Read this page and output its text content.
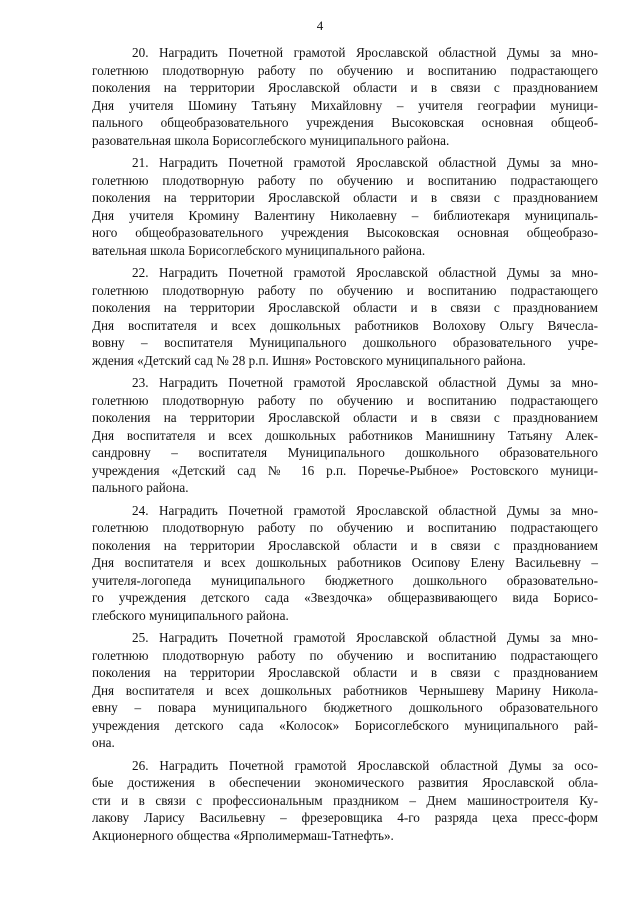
4
20. Наградить Почетной грамотой Ярославской областной Думы за мно-
голетнюю плодотворную работу по обучению и воспитанию подрастающего
поколения на территории Ярославской области и в связи с празднованием
Дня учителя Шомину Татьяну Михайловну – учителя географии муници-
пального общеобразовательного учреждения Высоковская основная общеоб-
разовательная школа Борисоглебского муниципального района.
21. Наградить Почетной грамотой Ярославской областной Думы за мно-
голетнюю плодотворную работу по обучению и воспитанию подрастающего
поколения на территории Ярославской области и в связи с празднованием
Дня учителя Кромину Валентину Николаевну – библиотекаря муниципаль-
ного общеобразовательного учреждения Высоковская основная общеобразо-
вательная школа Борисоглебского муниципального района.
22. Наградить Почетной грамотой Ярославской областной Думы за мно-
голетнюю плодотворную работу по обучению и воспитанию подрастающего
поколения на территории Ярославской области и в связи с празднованием
Дня воспитателя и всех дошкольных работников Волохову Ольгу Вячесла-
вовну – воспитателя Муниципального дошкольного образовательного учре-
ждения «Детский сад № 28 р.п. Ишня» Ростовского муниципального района.
23. Наградить Почетной грамотой Ярославской областной Думы за мно-
голетнюю плодотворную работу по обучению и воспитанию подрастающего
поколения на территории Ярославской области и в связи с празднованием
Дня воспитателя и всех дошкольных работников Манишнину Татьяну Алек-
сандровну – воспитателя Муниципального дошкольного образовательного
учреждения «Детский сад № 16 р.п. Поречье-Рыбное» Ростовского муници-
пального района.
24. Наградить Почетной грамотой Ярославской областной Думы за мно-
голетнюю плодотворную работу по обучению и воспитанию подрастающего
поколения на территории Ярославской области и в связи с празднованием
Дня воспитателя и всех дошкольных работников Осипову Елену Васильевну –
учителя-логопеда муниципального бюджетного дошкольного образовательно-
го учреждения детского сада «Звездочка» общеразвивающего вида Борисо-
глебского муниципального района.
25. Наградить Почетной грамотой Ярославской областной Думы за мно-
голетнюю плодотворную работу по обучению и воспитанию подрастающего
поколения на территории Ярославской области и в связи с празднованием
Дня воспитателя и всех дошкольных работников Чернышеву Марину Никола-
евну – повара муниципального бюджетного дошкольного образовательного
учреждения детского сада «Колосок» Борисоглебского муниципального рай-
она.
26. Наградить Почетной грамотой Ярославской областной Думы за осо-
бые достижения в обеспечении экономического развития Ярославской обла-
сти и в связи с профессиональным праздником – Днем машиностроителя Ку-
лакову Ларису Васильевну – фрезеровщика 4-го разряда цеха пресс-форм
Акционерного общества «Ярполимермаш-Татнефть».
